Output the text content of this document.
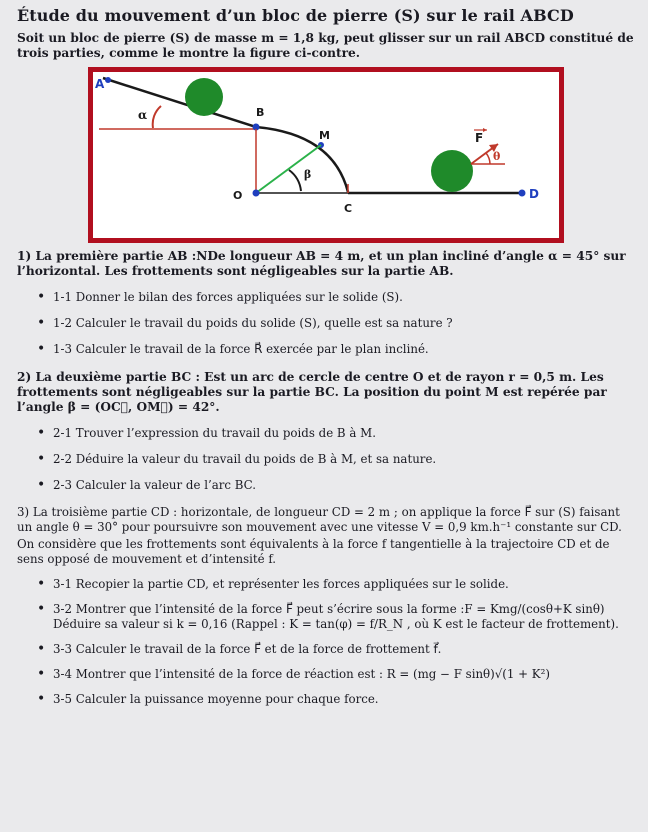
Étude du mouvement d’un bloc de pierre (S) sur le rail ABCD

Soit un bloc de pierre (S) de masse m = 1,8 kg, peut glisser sur un rail ABCD constitué de trois parties, comme le montre la figure ci-contre.

A
α	B
M
β
O
C
D
θ
F

1) La première partie AB :NDe longueur AB = 4 m, et un plan incliné d’angle α = 45° sur l’horizontal. Les frottements sont négligeables sur la partie AB.

• 1-1 Donner le bilan des forces appliquées sur le solide (S).
• 1-2 Calculer le travail du poids du solide (S), quelle est sa nature ?
• 1-3 Calculer le travail de la force R⃗ exercée par le plan incliné.

2) La deuxième partie BC : Est un arc de cercle de centre O et de rayon r = 0,5 m. Les frottements sont négligeables sur la partie BC. La position du point M est repérée par l’angle β = (OC⃗, OM⃗) = 42°.

• 2-1 Trouver l’expression du travail du poids de B à M.
• 2-2 Déduire la valeur du travail du poids de B à M, et sa nature.
• 2-3 Calculer la valeur de l’arc BC.

3) La troisième partie CD : horizontale, de longueur CD = 2 m ; on applique la force F⃗ sur (S) faisant un angle θ = 30° pour poursuivre son mouvement avec une vitesse V = 0,9 km.h⁻¹ constante sur CD.

On considère que les frottements sont équivalents à la force f tangentielle à la trajectoire CD et de sens opposé de mouvement et d’intensité f.

• 3-1 Recopier la partie CD, et représenter les forces appliquées sur le solide.
• 3-2 Montrer que l’intensité de la force F⃗ peut s’écrire sous la forme :F = Kmg/(cosθ+K sinθ) Déduire sa valeur si k = 0,16 (Rappel : K = tan(φ) = f/R_N , où K est le facteur de frottement).
• 3-3 Calculer le travail de la force F⃗ et de la force de frottement f⃗.
• 3-4 Montrer que l’intensité de la force de réaction est : R = (mg − F sinθ)√(1 + K²)
• 3-5 Calculer la puissance moyenne pour chaque force.
